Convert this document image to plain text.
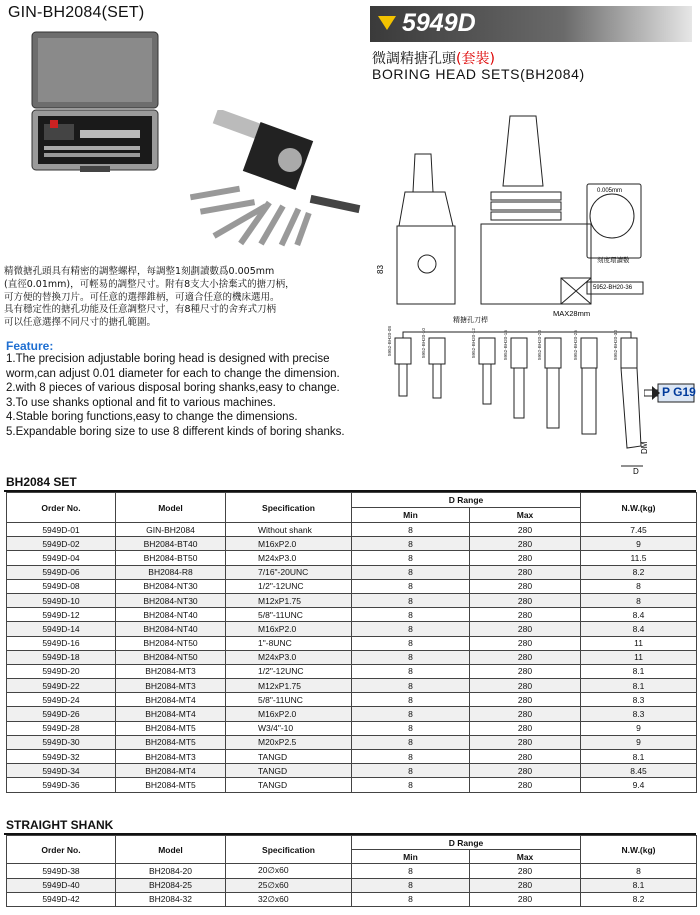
GIN-BH2084(SET)	5949D
微調精搪孔頭(套裝)
BORING HEAD SETS(BH2084)
83
MAX28mm
精搪孔刀桿
刻度環讀數
0.005mm
5952-BH20-36
5952-BH20-08	5952-BH20-10	5952-BH20-12	5952-BH20-16	5952-BH20-20	5952-BH20-25	5952-BH20-30
DM
D
精微搪孔頭具有精密的調整螺桿，每調整1刻劃讀數爲0.005mm
(直徑0.01mm)，可輕易的調整尺寸。附有8支大小捨棄式的搪刀柄，
可方便的替換刀片。可任意的選擇錐柄，可適合任意的機床選用。
具有穩定性的搪孔功能及任意調整尺寸，有8種尺寸的舍弃式刀柄
可以任意選擇不同尺寸的搪孔範圍。
P G19
Feature:
1.The precision adjustable boring head is designed with precise
worm,can adjust 0.01 diameter for each to change the dimension.
2.with 8 pieces of various disposal boring shanks,easy to change.
3.To use shanks optional and fit to various machines.
4.Stable boring functions,easy to change the dimensions.
5.Expandable boring size to use 8 different kinds of boring shanks.
BH2084 SET
Order No.	Model	Specification	D Range		N.W.(kg)
			Min	Max	
5949D-01	GIN-BH2084	Without shank	8	280	7.45
5949D-02	BH2084-BT40	M16xP2.0	8	280	9
5949D-04	BH2084-BT50	M24xP3.0	8	280	11.5
5949D-06	BH2084-R8	7/16"-20UNC	8	280	8.2
5949D-08	BH2084-NT30	1/2"-12UNC	8	280	8
5949D-10	BH2084-NT30	M12xP1.75	8	280	8
5949D-12	BH2084-NT40	5/8"-11UNC	8	280	8.4
5949D-14	BH2084-NT40	M16xP2.0	8	280	8.4
5949D-16	BH2084-NT50	1"-8UNC	8	280	11
5949D-18	BH2084-NT50	M24xP3.0	8	280	11
5949D-20	BH2084-MT3	1/2"-12UNC	8	280	8.1
5949D-22	BH2084-MT3	M12xP1.75	8	280	8.1
5949D-24	BH2084-MT4	5/8"-11UNC	8	280	8.3
5949D-26	BH2084-MT4	M16xP2.0	8	280	8.3
5949D-28	BH2084-MT5	W3/4"-10	8	280	9
5949D-30	BH2084-MT5	M20xP2.5	8	280	9
5949D-32	BH2084-MT3	TANGD	8	280	8.1
5949D-34	BH2084-MT4	TANGD	8	280	8.45
5949D-36	BH2084-MT5	TANGD	8	280	9.4
STRAIGHT SHANK
Order No.	Model	Specification	D Range		N.W.(kg)
			Min	Max	
5949D-38	BH2084-20	20∅x60	8	280	8
5949D-40	BH2084-25	25∅x60	8	280	8.1
5949D-42	BH2084-32	32∅x60	8	280	8.2
